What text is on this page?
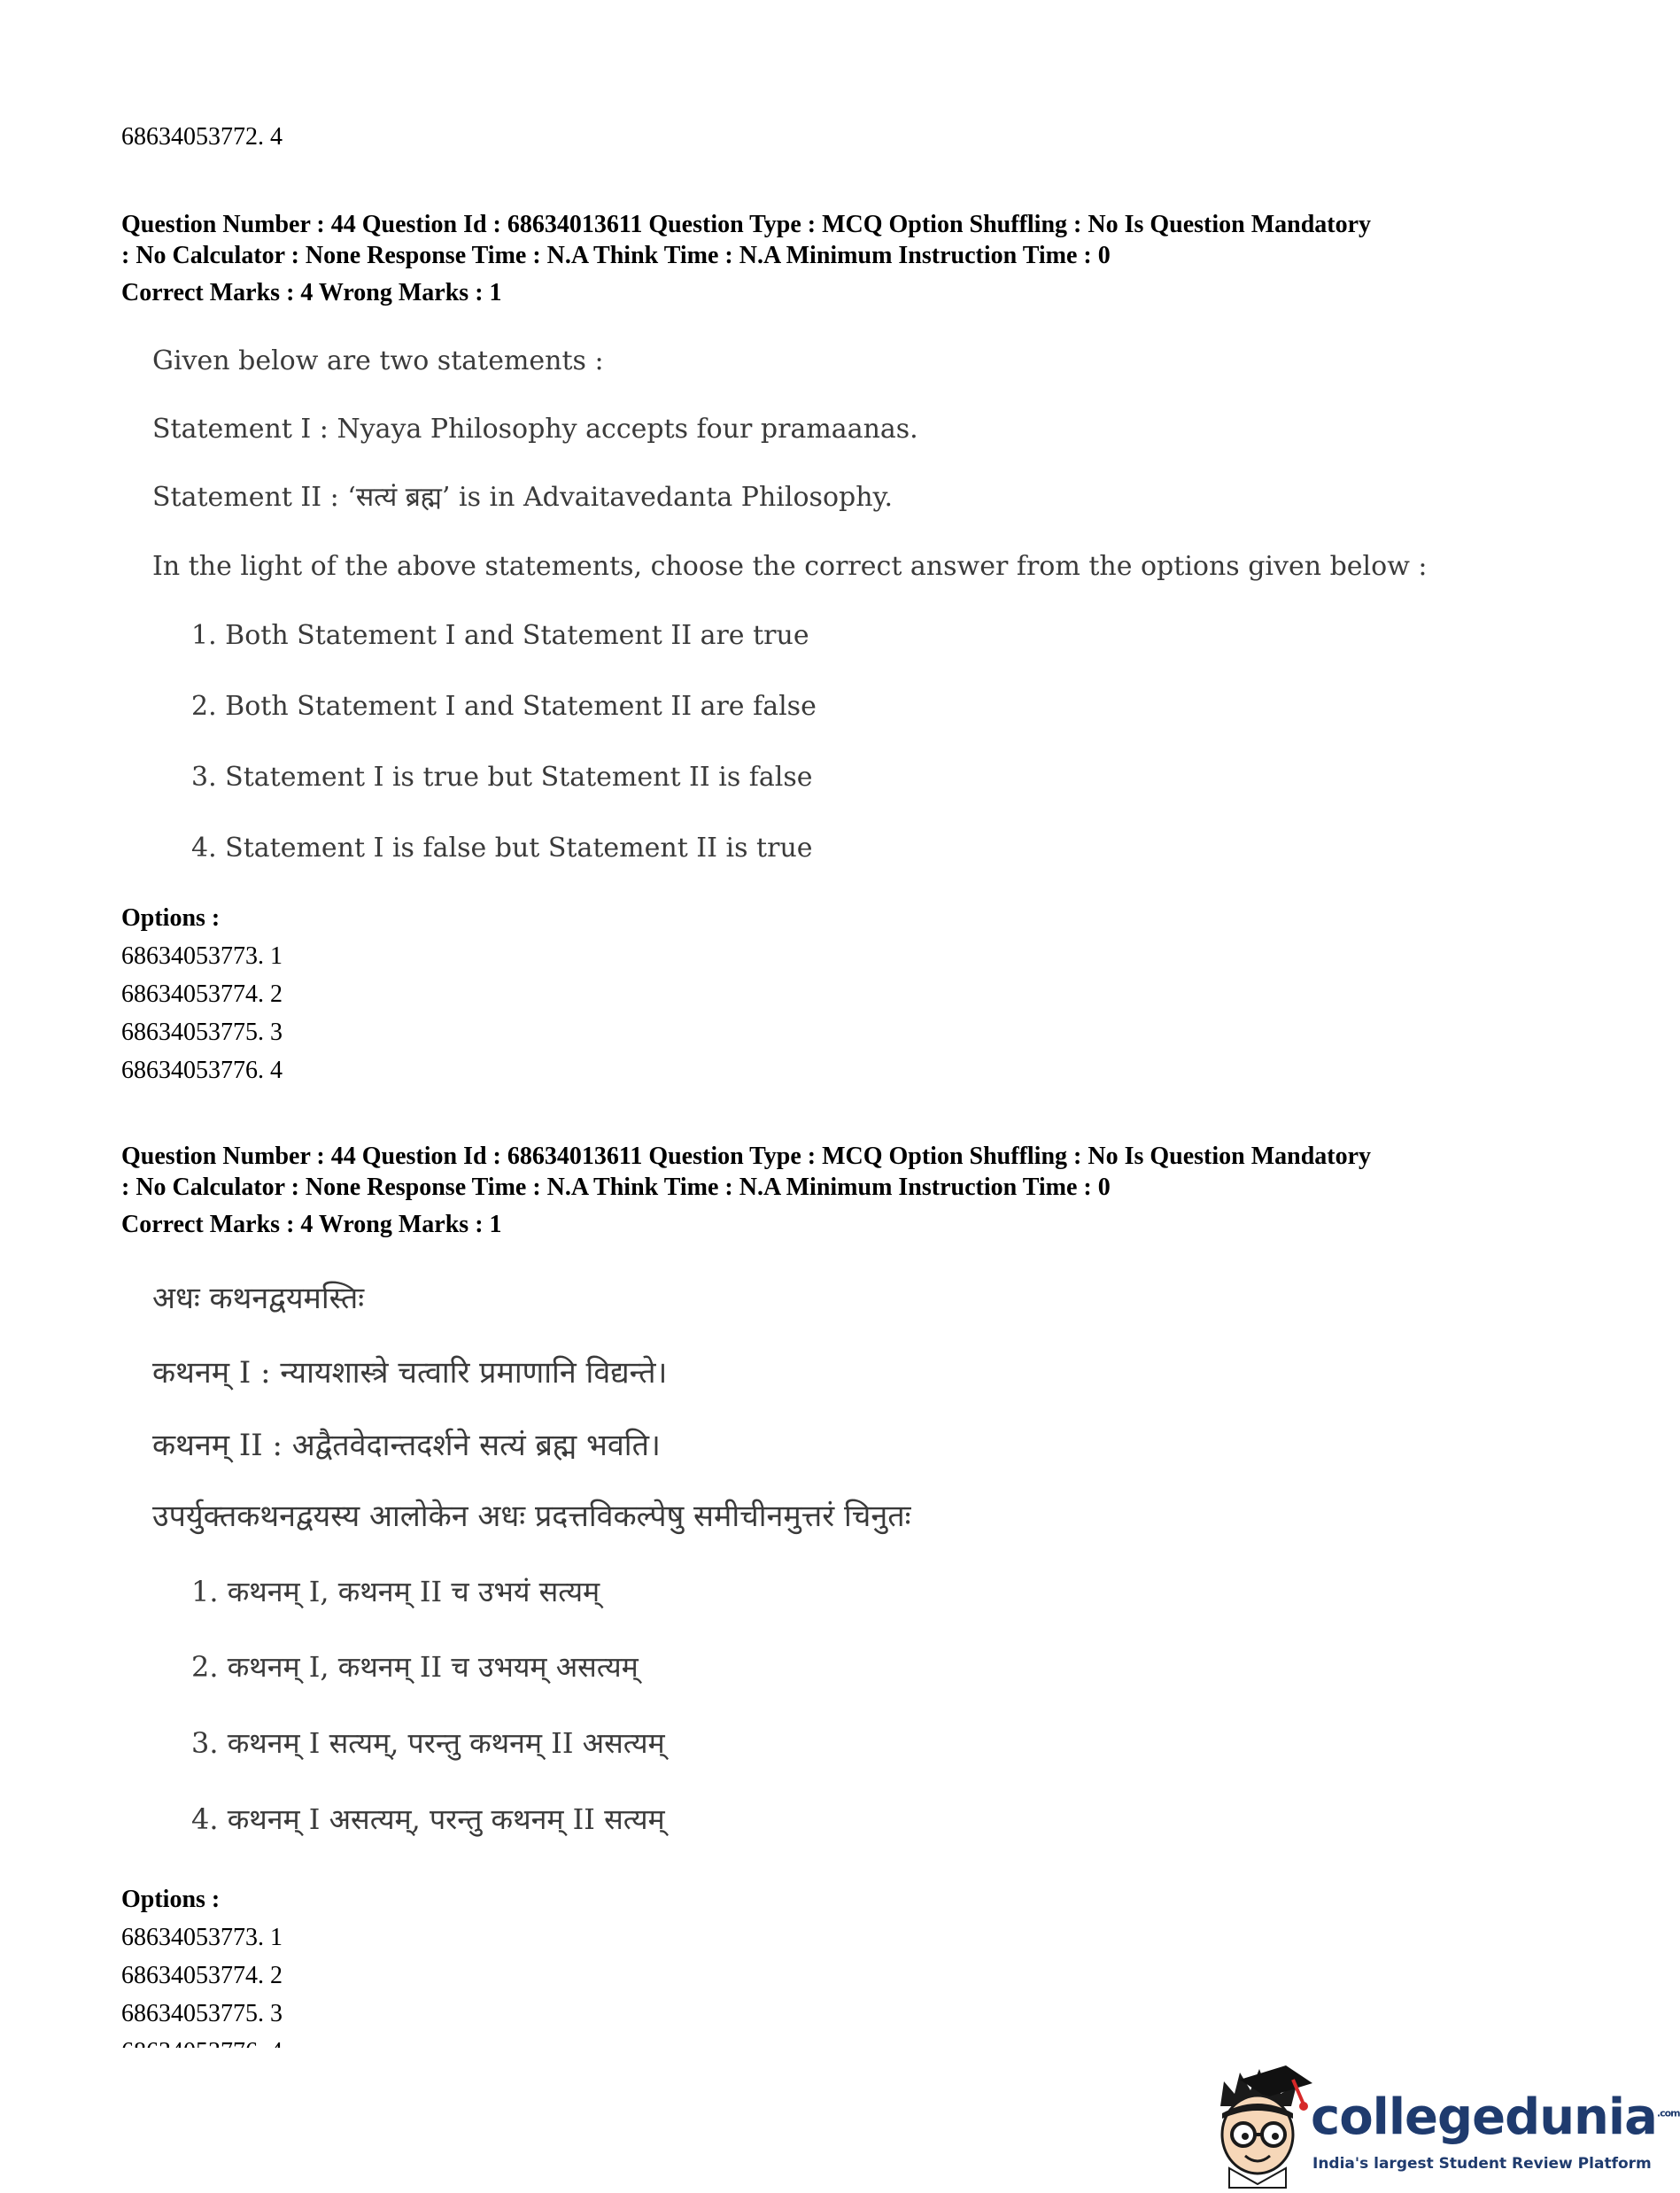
68634053772. 4
Question Number : 44 Question Id : 68634013611 Question Type : MCQ Option Shuffling : No Is Question Mandatory
: No Calculator : None Response Time : N.A Think Time : N.A Minimum Instruction Time : 0
Correct Marks : 4 Wrong Marks : 1
Given below are two statements :
Statement I : Nyaya Philosophy accepts four pramaanas.
Statement II : ‘सत्यं ब्रह्म’ is in Advaitavedanta Philosophy.
In the light of the above statements, choose the correct answer from the options given below :
1. Both Statement I and Statement II are true
2. Both Statement I and Statement II are false
3. Statement I is true but Statement II is false
4. Statement I is false but Statement II is true
Options :
68634053773. 1
68634053774. 2
68634053775. 3
68634053776. 4
Question Number : 44 Question Id : 68634013611 Question Type : MCQ Option Shuffling : No Is Question Mandatory
: No Calculator : None Response Time : N.A Think Time : N.A Minimum Instruction Time : 0
Correct Marks : 4 Wrong Marks : 1
अधः कथनद्वयमस्तिः
कथनम् I : न्यायशास्त्रे चत्वारि प्रमाणानि विद्यन्ते।
कथनम् II : अद्वैतवेदान्तदर्शने सत्यं ब्रह्म भवति।
उपर्युक्तकथनद्वयस्य आलोकेन अधः प्रदत्तविकल्पेषु समीचीनमुत्तरं चिनुतः
1. कथनम् I, कथनम् II च उभयं सत्यम्
2. कथनम् I, कथनम् II च उभयम् असत्यम्
3. कथनम् I सत्यम्, परन्तु कथनम् II असत्यम्
4. कथनम् I असत्यम्, परन्तु कथनम् II सत्यम्
Options :
68634053773. 1
68634053774. 2
68634053775. 3
collegedunia$^{.com}$
India's largest Student Review Platform
